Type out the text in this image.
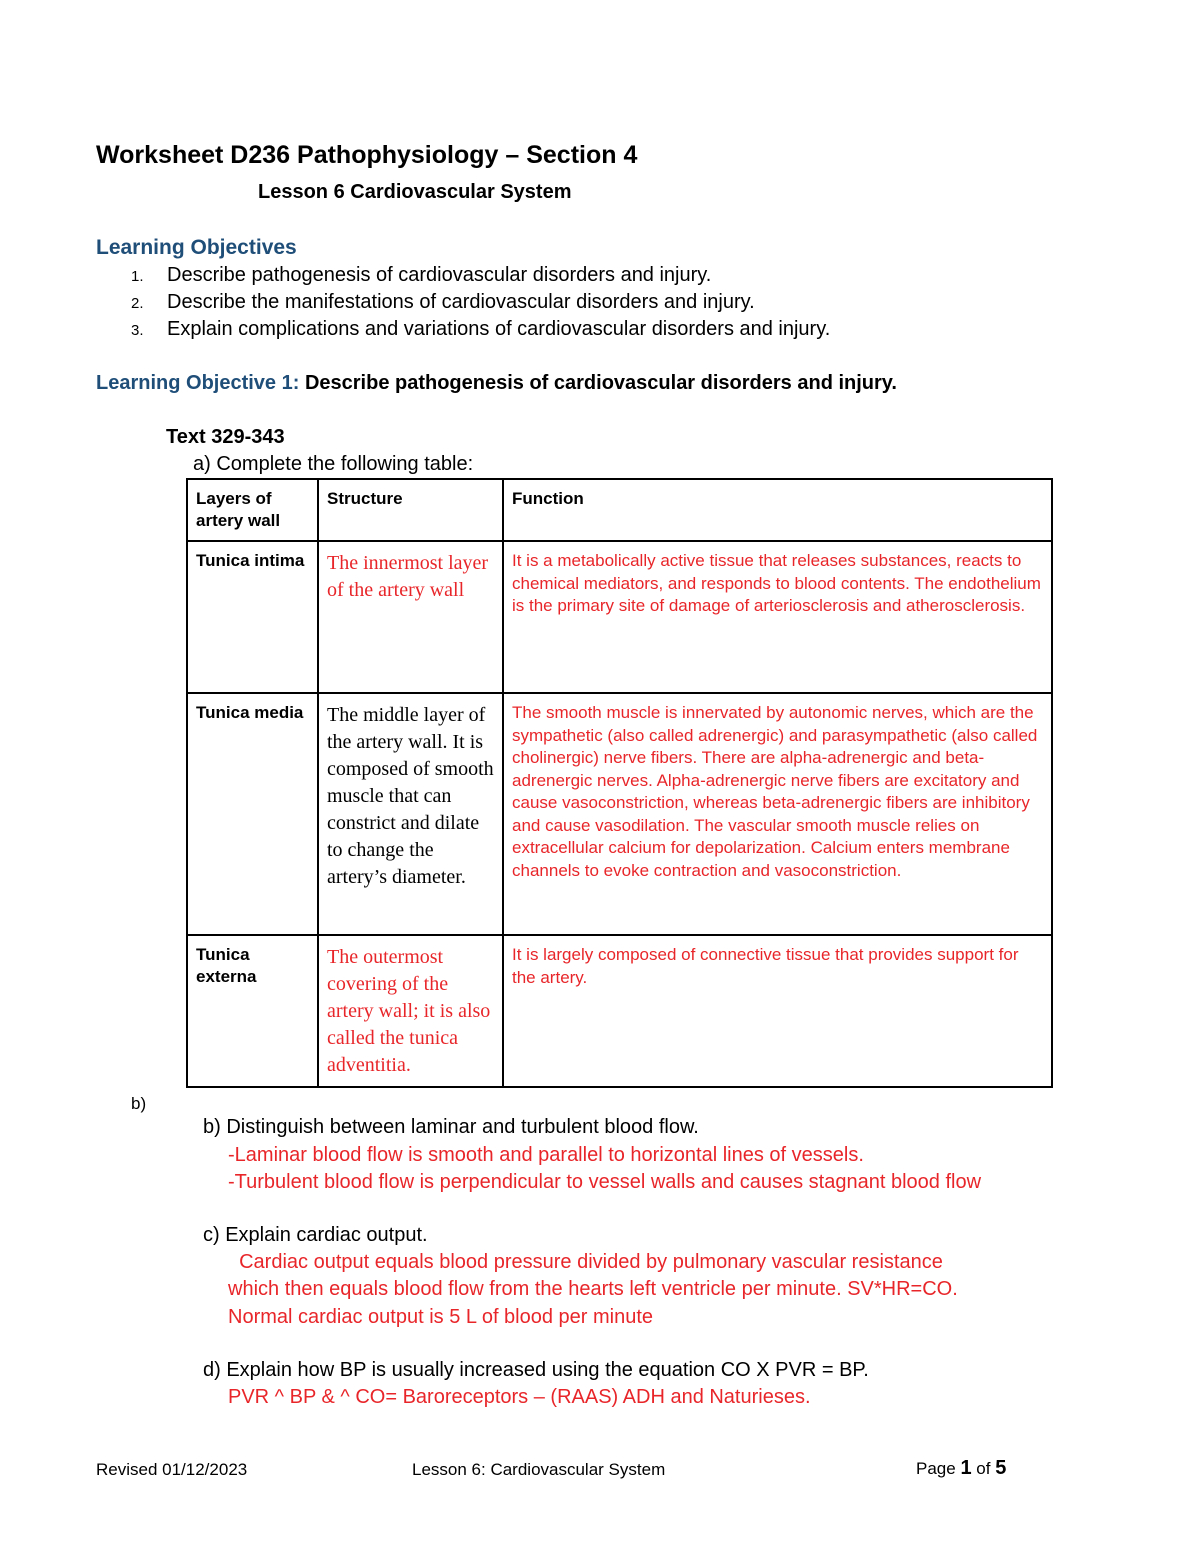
Worksheet D236 Pathophysiology – Section 4
Lesson 6 Cardiovascular System
Learning Objectives
1. Describe pathogenesis of cardiovascular disorders and injury.
2. Describe the manifestations of cardiovascular disorders and injury.
3. Explain complications and variations of cardiovascular disorders and injury.
Learning Objective 1: Describe pathogenesis of cardiovascular disorders and injury.
Text 329-343
a) Complete the following table:
Layers of artery wall	Structure	Function
Tunica intima	The innermost layer of the artery wall	It is a metabolically active tissue that releases substances, reacts to chemical mediators, and responds to blood contents. The endothelium is the primary site of damage of arteriosclerosis and atherosclerosis.
Tunica media	The middle layer of the artery wall. It is composed of smooth muscle that can constrict and dilate to change the artery’s diameter.	The smooth muscle is innervated by autonomic nerves, which are the sympathetic (also called adrenergic) and parasympathetic (also called cholinergic) nerve fibers. There are alpha-adrenergic and beta-adrenergic nerves. Alpha-adrenergic nerve fibers are excitatory and cause vasoconstriction, whereas beta-adrenergic fibers are inhibitory and cause vasodilation. The vascular smooth muscle relies on extracellular calcium for depolarization. Calcium enters membrane channels to evoke contraction and vasoconstriction.
Tunica externa	The outermost covering of the artery wall; it is also called the tunica adventitia.	It is largely composed of connective tissue that provides support for the artery.
b)
b) Distinguish between laminar and turbulent blood flow.
-Laminar blood flow is smooth and parallel to horizontal lines of vessels.
-Turbulent blood flow is perpendicular to vessel walls and causes stagnant blood flow
c) Explain cardiac output.
Cardiac output equals blood pressure divided by pulmonary vascular resistance
which then equals blood flow from the hearts left ventricle per minute. SV*HR=CO.
Normal cardiac output is 5 L of blood per minute
d) Explain how BP is usually increased using the equation CO X PVR = BP.
PVR ^ BP & ^ CO= Baroreceptors – (RAAS) ADH and Naturieses.
Revised 01/12/2023	Lesson 6: Cardiovascular System	Page 1 of 5
